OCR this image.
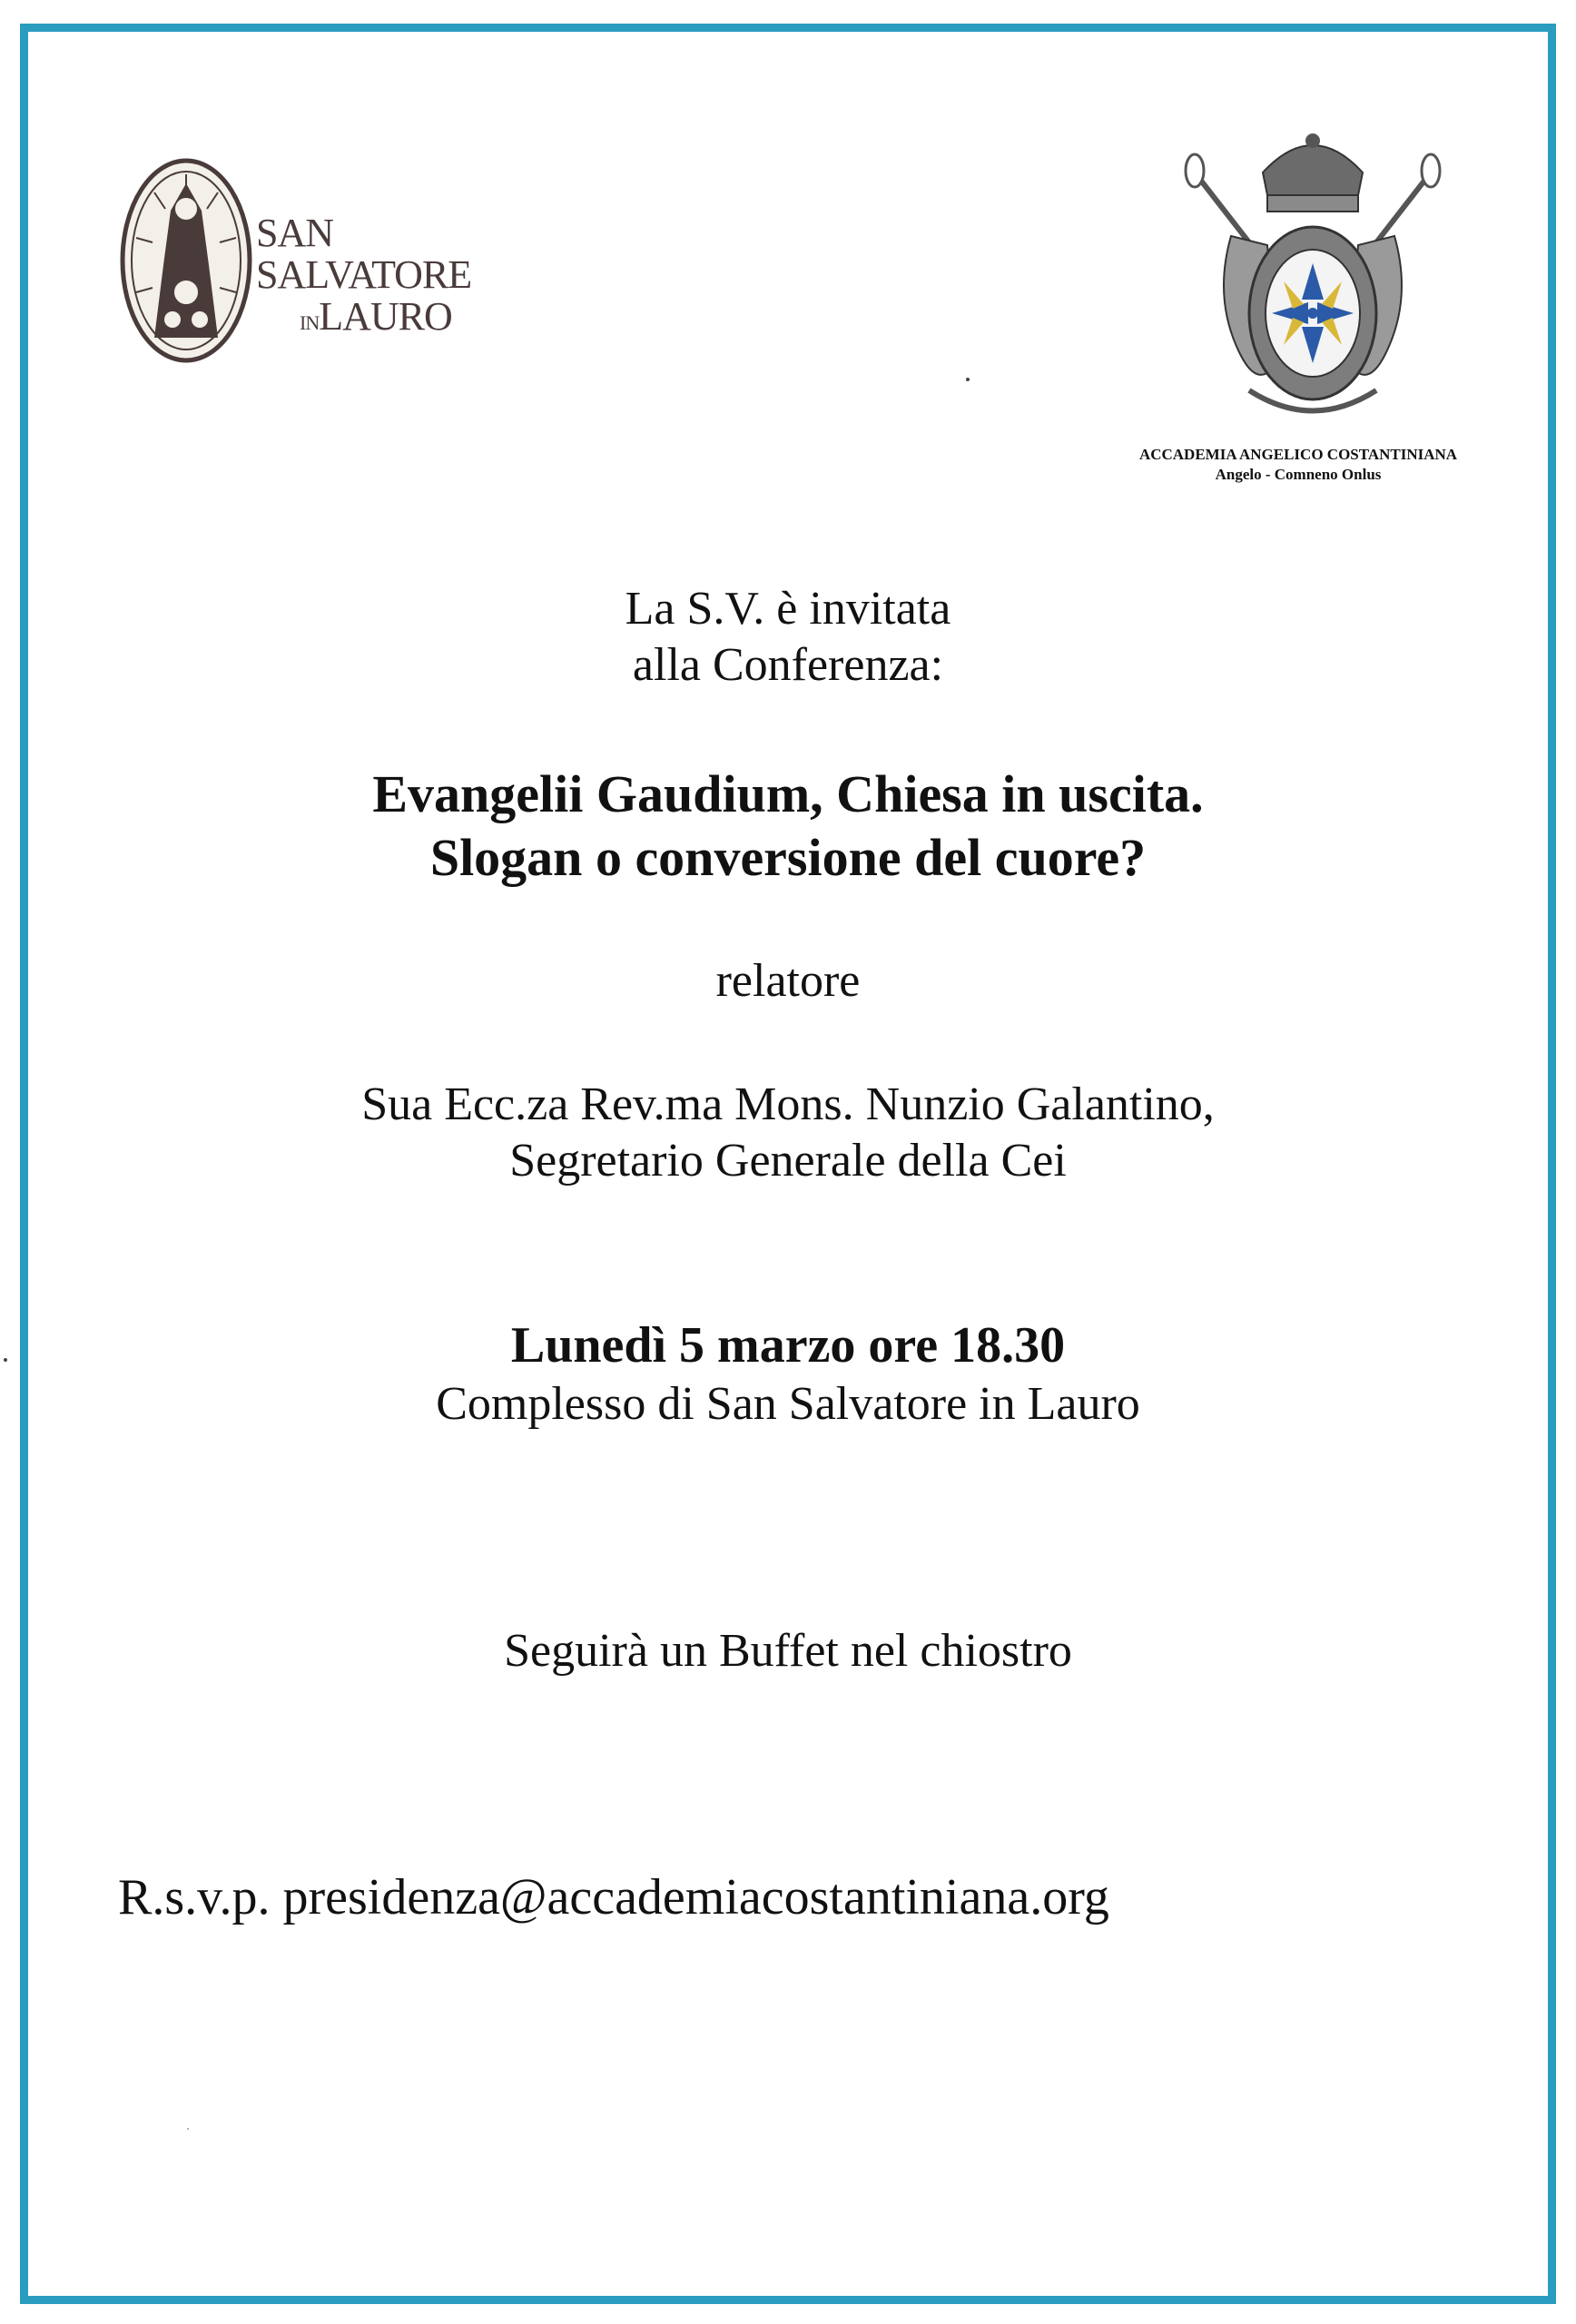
SAN SALVATORE
INLAURO
ACCADEMIA ANGELICO COSTANTINIANA
Angelo - Comneno Onlus
La S.V. è invitata
alla Conferenza:
Evangelii Gaudium, Chiesa in uscita.
Slogan o conversione del cuore?
relatore
Sua Ecc.za Rev.ma Mons. Nunzio Galantino,
Segretario Generale della Cei
Lunedì 5 marzo ore 18.30
Complesso di San Salvatore in Lauro
Seguirà un Buffet nel chiostro
R.s.v.p. presidenza@accademiacostantiniana.org
